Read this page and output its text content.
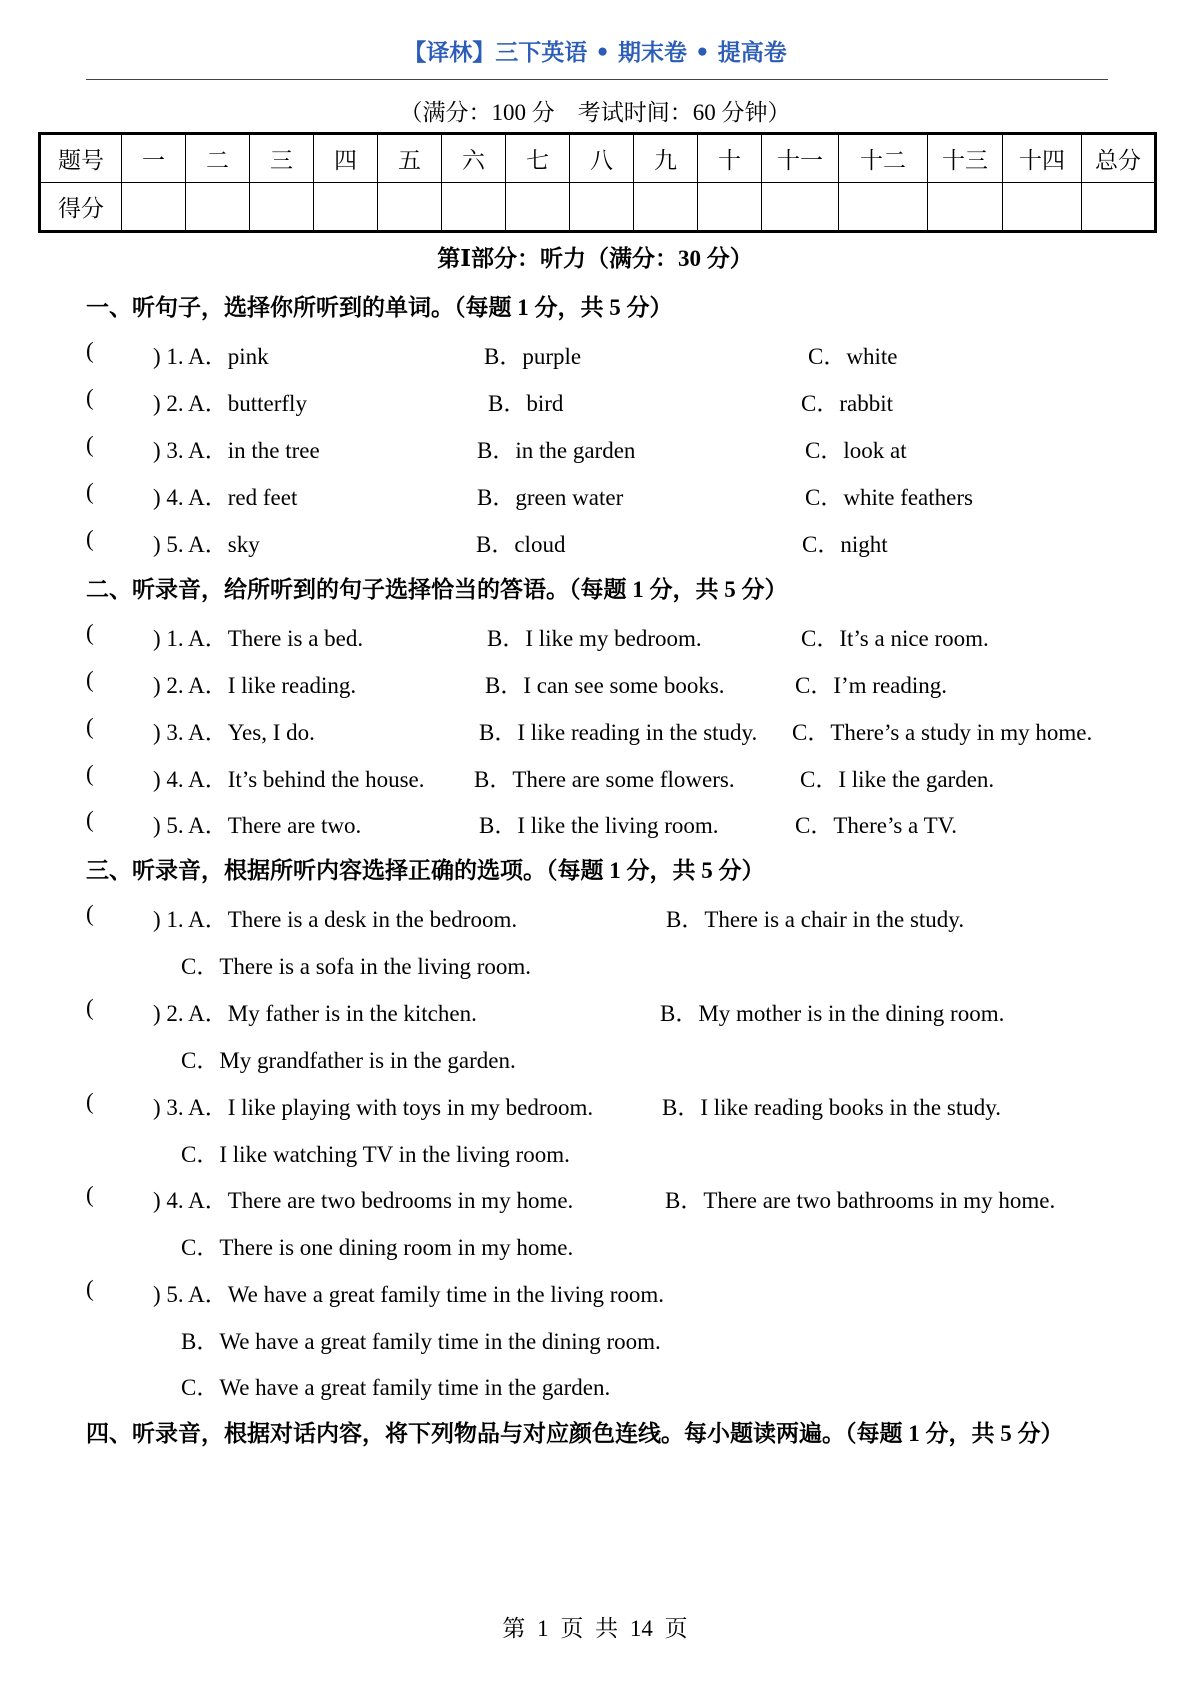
【译林】三下英语 • 期末卷 • 提高卷
（满分：100 分　考试时间：60 分钟）
题号	一	二	三	四	五	六	七	八	九	十	十一	十二	十三	十四	总分
得分															
第Ⅰ部分：听力（满分：30 分）
一、听句子，选择你所听到的单词。（每题 1 分，共 5 分）
(	) 1. A．pink	B．purple	C．white
(	) 2. A．butterfly	B．bird	C．rabbit
(	) 3. A．in the tree	B．in the garden	C．look at
(	) 4. A．red feet	B．green water	C．white feathers
(	) 5. A．sky	B．cloud	C．night
二、听录音，给所听到的句子选择恰当的答语。（每题 1 分，共 5 分）
(	) 1. A．There is a bed.	B．I like my bedroom.	C．It’s a nice room.
(	) 2. A．I like reading.	B．I can see some books.	C．I’m reading.
(	) 3. A．Yes, I do.	B．I like reading in the study. C．There’s a study in my home.
(	) 4. A．It’s behind the house. B．There are some flowers.	C．I like the garden.
(	) 5. A．There are two.	B．I like the living room.	C．There’s a TV.
三、听录音，根据所听内容选择正确的选项。（每题 1 分，共 5 分）
(	) 1. A．There is a desk in the bedroom.	B．There is a chair in the study.
C．There is a sofa in the living room.
(	) 2. A．My father is in the kitchen.	B．My mother is in the dining room.
C．My grandfather is in the garden.
(	) 3. A．I like playing with toys in my bedroom.	B．I like reading books in the study.
C．I like watching TV in the living room.
(	) 4. A．There are two bedrooms in my home.	B．There are two bathrooms in my home.
C．There is one dining room in my home.
(	) 5. A．We have a great family time in the living room.
B．We have a great family time in the dining room.
C．We have a great family time in the garden.
四、听录音，根据对话内容，将下列物品与对应颜色连线。每小题读两遍。（每题 1 分，共 5 分）
第 1 页 共 14 页
